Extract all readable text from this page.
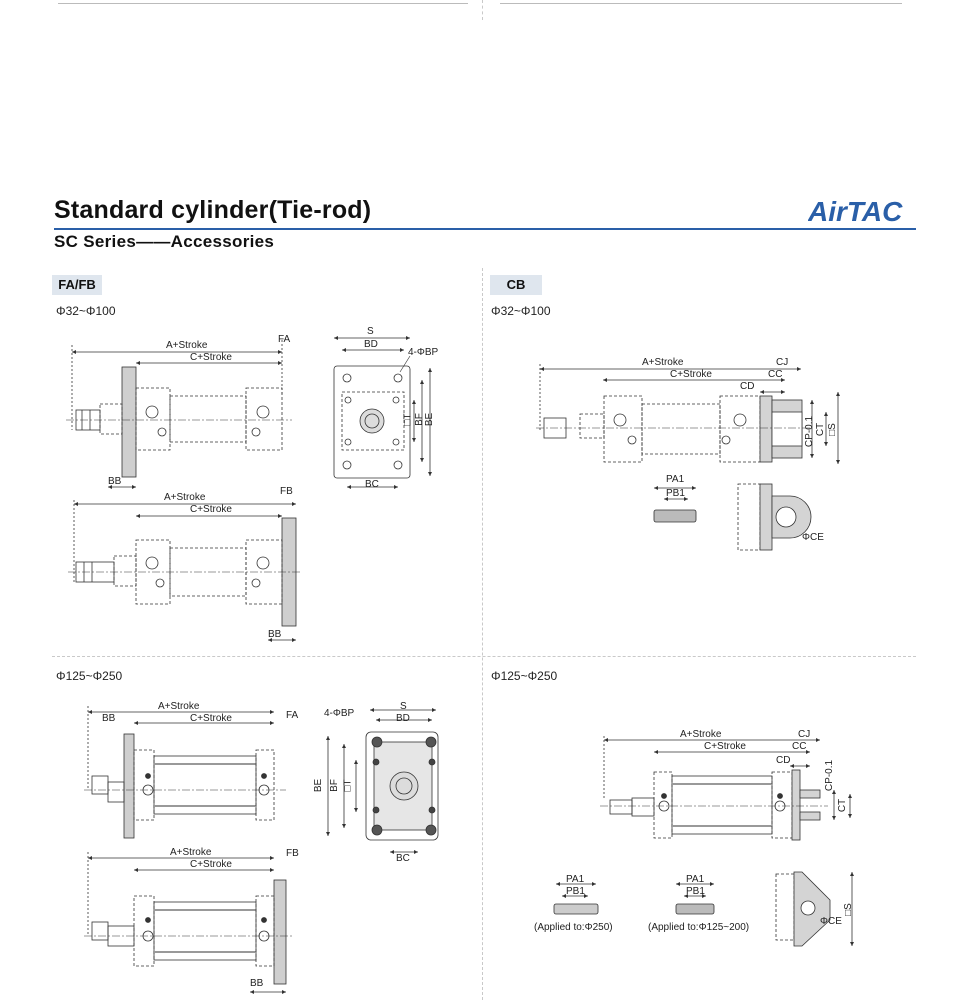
Standard cylinder(Tie-rod)	AirTAC
SC Series——Accessories
FA/FB	CB
Φ32~Φ100	Φ32~Φ100
Φ125~Φ250	Φ125~Φ250
A+Stroke
C+Stroke
FA
BB
A+Stroke
C+Stroke
FB
BB
S
BD
4-ΦBP
BC
□T BF BE
A+Stroke
C+Stroke
BB	FA
A+Stroke
C+Stroke
FB
BB
4-ΦBP
S
BD
BC
BE BF □T
A+Stroke
C+Stroke
CJ
CC
CD
CP-0.1 CT □S
PA1
PB1
ΦCE
A+Stroke
C+Stroke
CJ
CC
CD	CP-0.1
CT
PA1
PB1
PA1
PB1
(Applied to:Φ250)	(Applied to:Φ125~200)
ΦCE
□S
